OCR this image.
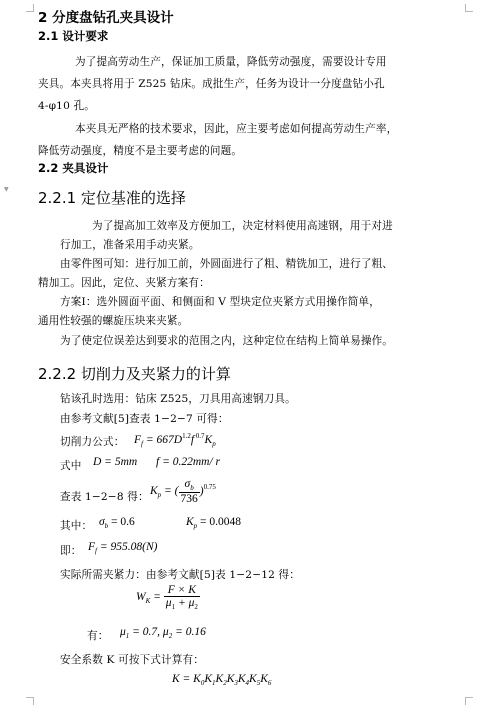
▼
2 分度盘钻孔夹具设计
2.1 设计要求
为了提高劳动生产，保证加工质量，降低劳动强度，需要设计专用
夹具。本夹具将用于 Z525 钻床。成批生产，任务为设计一分度盘钻小孔
4-φ10 孔。
本夹具无严格的技术要求，因此，应主要考虑如何提高劳动生产率，
降低劳动强度，精度不是主要考虑的问题。
2.2 夹具设计
2.2.1 定位基准的选择
为了提高加工效率及方便加工，决定材料使用高速钢，用于对进
行加工，准备采用手动夹紧。
由零件图可知：进行加工前，外圆面进行了粗、精铣加工，进行了粗、
精加工。因此，定位、夹紧方案有：
方案Ⅰ：选外圆面平面、和侧面和 V 型块定位夹紧方式用操作简单，
通用性较强的螺旋压块来夹紧。
为了使定位误差达到要求的范围之内，这种定位在结构上简单易操作。
2.2.2 切削力及夹紧力的计算
钻该孔时选用：钻床 Z525，刀具用高速钢刀具。
由参考文献[5]查表 1−2−7 可得：
切削力公式： $F_f = 667D^{1.2}f$ $^{0.7}K_p$
式中 D = 5mm f = 0.22mm/ r
查表 1−2−8 得：
$K_p$ = ( $\frac{\sigma_b}{736} )^{0.75}$
其中： $\sigma_b = 0.6$	$K_p = 0.0048$
即： $F_f = 955.08(N)$
实际所需夹紧力：由参考文献[5]表 1−2−12 得：
$W_K = \frac{F \times K}{\mu_1 + \mu_2}$
有： $\mu_1 = 0.7$, $\mu_2 = 0.16$
安全系数 K 可按下式计算有：
$K = K_0K_1K_2K_3K_4K_5K_6$
